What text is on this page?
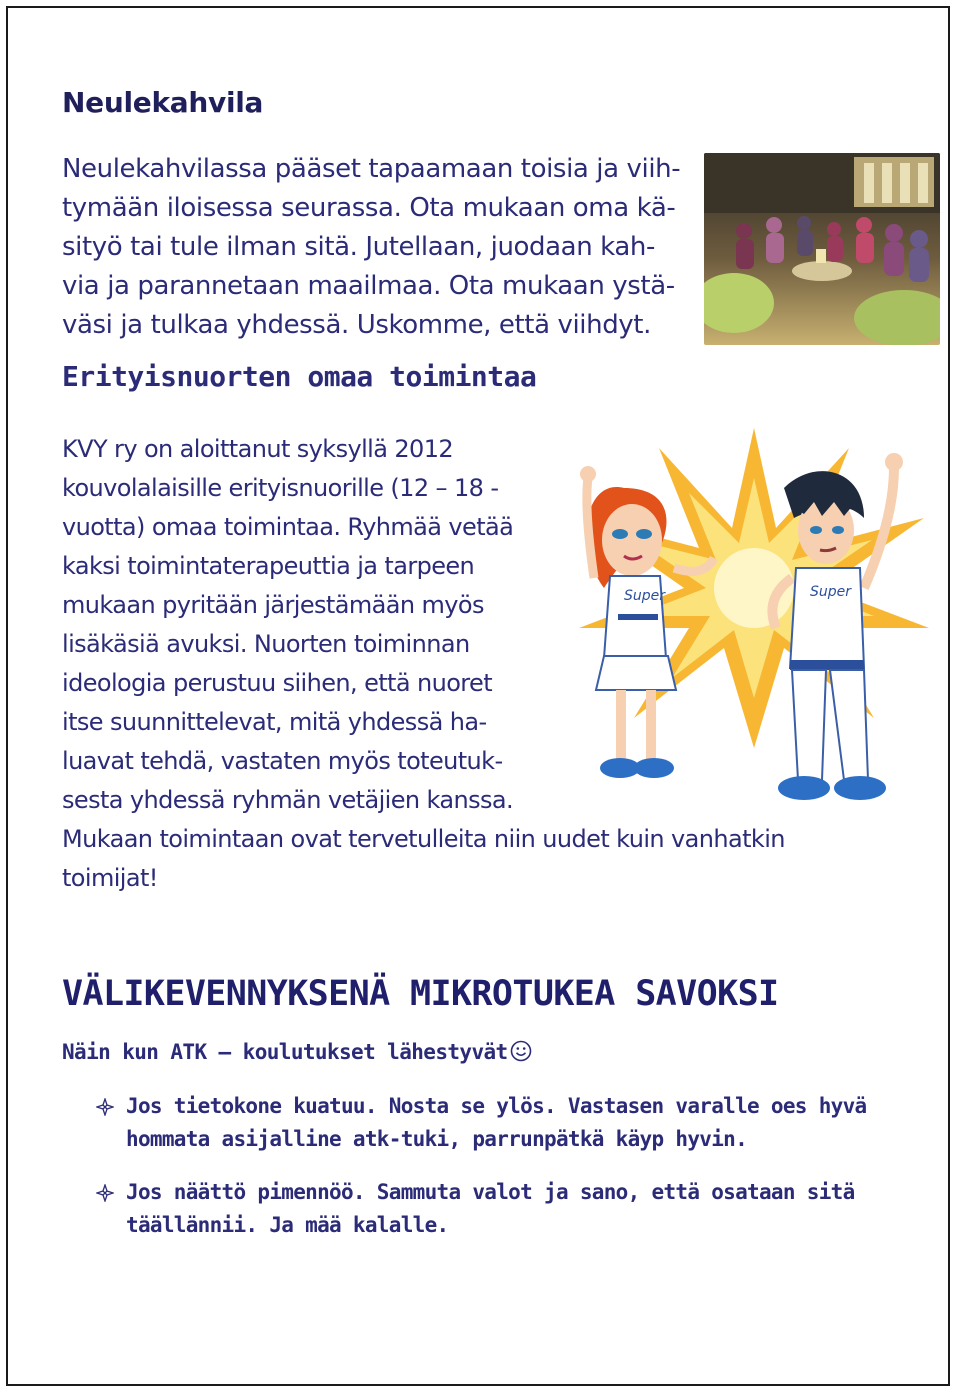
Neulekahvila

Neulekahvilassa pääset tapaamaan toisia ja viih-
tymään iloisessa seurassa. Ota mukaan oma kä-
sityö tai tule ilman sitä. Jutellaan, juodaan kah-
via ja parannetaan maailmaa. Ota mukaan ystä-
väsi ja tulkaa yhdessä. Uskomme, että viihdyt.

Erityisnuorten omaa toimintaa
Super	Super

KVY ry on aloittanut syksyllä 2012
kouvolalaisille erityisnuorille (12 – 18 -
vuotta) omaa toimintaa. Ryhmää vetää
kaksi toimintaterapeuttia ja tarpeen
mukaan pyritään järjestämään myös
lisäkäsiä avuksi. Nuorten toiminnan
ideologia perustuu siihen, että nuoret
itse suunnittelevat, mitä yhdessä ha-
luavat tehdä, vastaten myös toteutuk-
sesta yhdessä ryhmän vetäjien kanssa.
Mukaan toimintaan ovat tervetulleita niin uudet kuin vanhatkin
toimijat!

VÄLIKEVENNYKSENÄ MIKROTUKEA SAVOKSI

Näin kun ATK – koulutukset lähestyvät

Jos tietokone kuatuu. Nosta se ylös. Vastasen varalle oes hyvä
hommata asijalline atk-tuki, parrunpätkä käyp hyvin.
Jos näättö pimennöö. Sammuta valot ja sano, että osataan sitä
täällännii. Ja mää kalalle.
